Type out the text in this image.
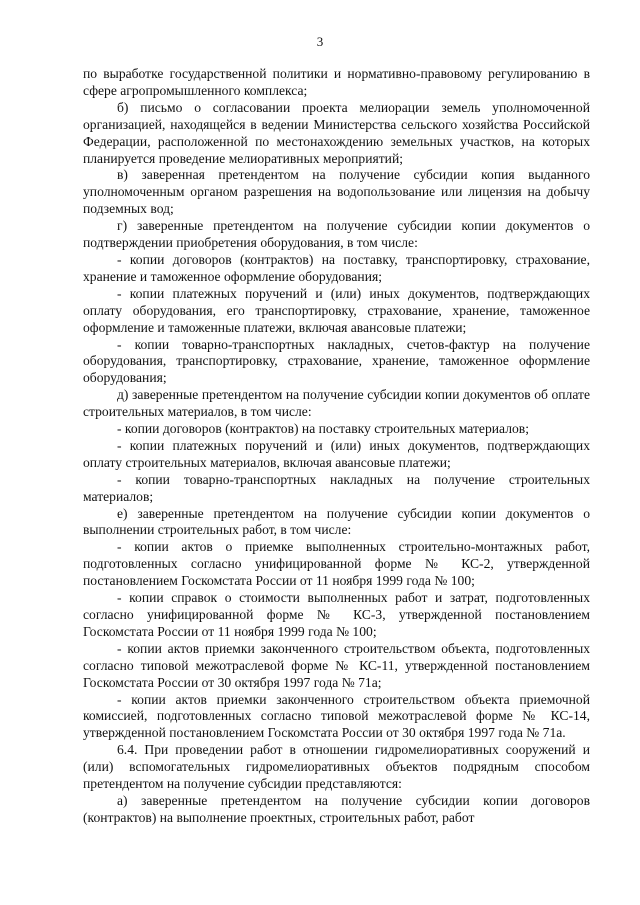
3

по выработке государственной политики и нормативно-правовому регулированию в сфере агропромышленного комплекса;

б) письмо о согласовании проекта мелиорации земель уполномоченной организацией, находящейся в ведении Министерства сельского хозяйства Российской Федерации, расположенной по местонахождению земельных участков, на которых планируется проведение мелиоративных мероприятий;

в) заверенная претендентом на получение субсидии копия выданного уполномоченным органом разрешения на водопользование или лицензия на добычу подземных вод;

г) заверенные претендентом на получение субсидии копии документов о подтверждении приобретения оборудования, в том числе:

- копии договоров (контрактов) на поставку, транспортировку, страхование, хранение и таможенное оформление оборудования;

- копии платежных поручений и (или) иных документов, подтверждающих оплату оборудования, его транспортировку, страхование, хранение, таможенное оформление и таможенные платежи, включая авансовые платежи;

- копии товарно-транспортных накладных, счетов-фактур на получение оборудования, транспортировку, страхование, хранение, таможенное оформление оборудования;

д) заверенные претендентом на получение субсидии копии документов об оплате строительных материалов, в том числе:

- копии договоров (контрактов) на поставку строительных материалов;

- копии платежных поручений и (или) иных документов, подтверждающих оплату строительных материалов, включая авансовые платежи;

- копии товарно-транспортных накладных на получение строительных материалов;

е) заверенные претендентом на получение субсидии копии документов о выполнении строительных работ, в том числе:

- копии актов о приемке выполненных строительно-монтажных работ, подготовленных согласно унифицированной форме № КС-2, утвержденной постановлением Госкомстата России от 11 ноября 1999 года № 100;

- копии справок о стоимости выполненных работ и затрат, подготовленных согласно унифицированной форме № КС-3, утвержденной постановлением Госкомстата России от 11 ноября 1999 года № 100;

- копии актов приемки законченного строительством объекта, подготовленных согласно типовой межотраслевой форме № КС-11, утвержденной постановлением Госкомстата России от 30 октября 1997 года № 71а;

- копии актов приемки законченного строительством объекта приемочной комиссией, подготовленных согласно типовой межотраслевой форме № КС-14, утвержденной постановлением Госкомстата России от 30 октября 1997 года № 71а.

6.4. При проведении работ в отношении гидромелиоративных сооружений и (или) вспомогательных гидромелиоративных объектов подрядным способом претендентом на получение субсидии представляются:

а) заверенные претендентом на получение субсидии копии договоров (контрактов) на выполнение проектных, строительных работ, работ
